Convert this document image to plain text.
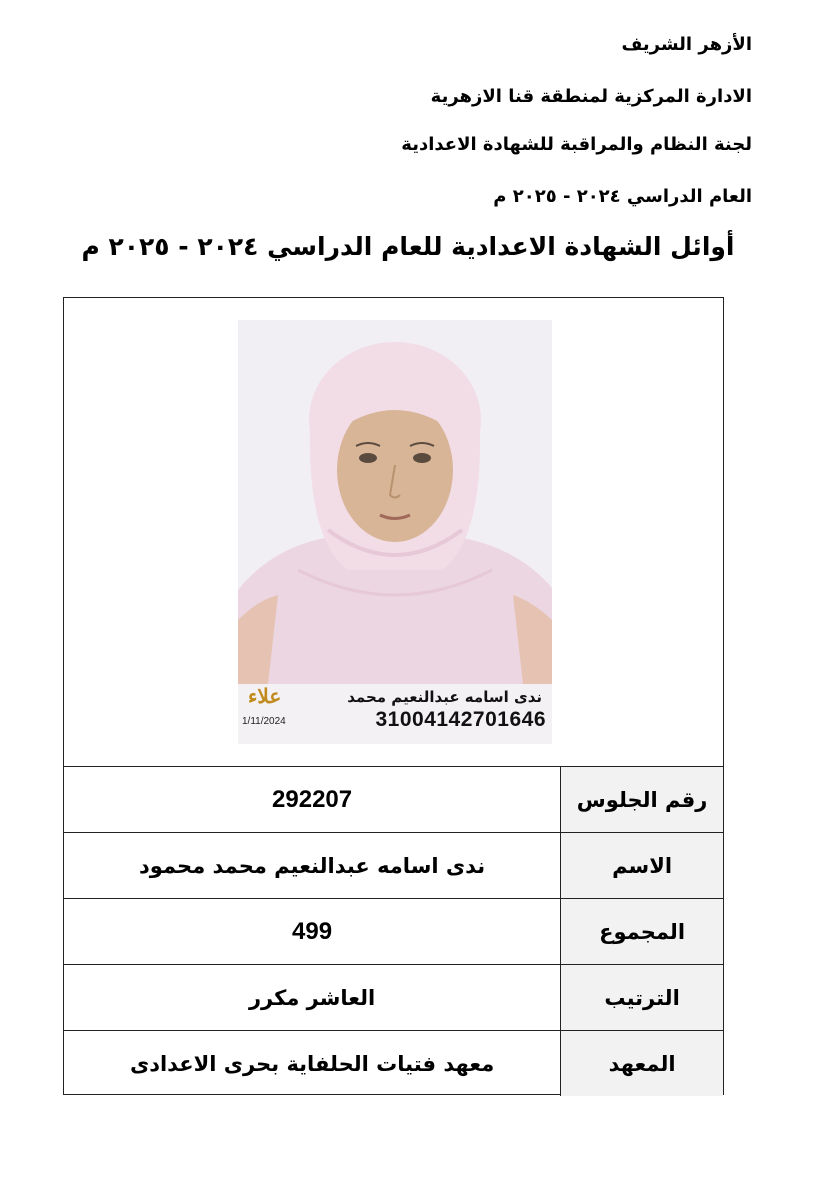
الأزهر الشريف
الادارة المركزية لمنطقة قنا الازهرية
لجنة النظام والمراقبة للشهادة الاعدادية
العام الدراسي ٢٠٢٤ - ٢٠٢٥ م
أوائل الشهادة الاعدادية للعام الدراسي ٢٠٢٤ - ٢٠٢٥ م
علاء
1/11/2024
ندى اسامه عبدالنعيم محمد
31004142701646
292207	رقم الجلوس
ندى اسامه عبدالنعيم محمد محمود	الاسم
499	المجموع
العاشر مكرر	الترتيب
معهد فتيات الحلفاية بحرى الاعدادى	المعهد
